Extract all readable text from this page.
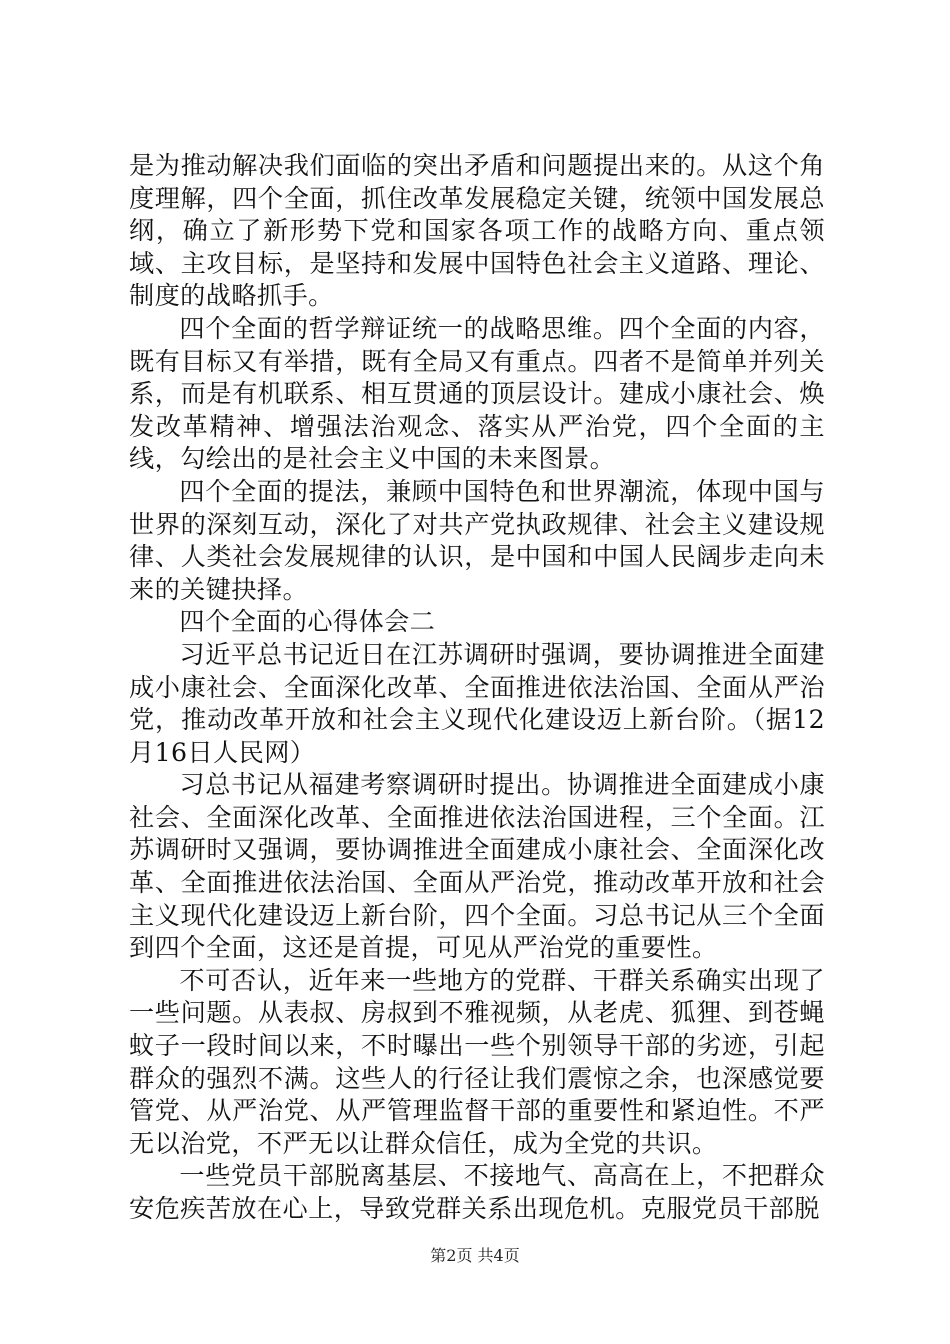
是为推动解决我们面临的突出矛盾和问题提出来的。从这个角度理解，四个全面，抓住改革发展稳定关键，统领中国发展总纲，确立了新形势下党和国家各项工作的战略方向、重点领域、主攻目标，是坚持和发展中国特色社会主义道路、理论、制度的战略抓手。

四个全面的哲学辩证统一的战略思维。四个全面的内容，既有目标又有举措，既有全局又有重点。四者不是简单并列关系，而是有机联系、相互贯通的顶层设计。建成小康社会、焕发改革精神、增强法治观念、落实从严治党，四个全面的主线，勾绘出的是社会主义中国的未来图景。

四个全面的提法，兼顾中国特色和世界潮流，体现中国与世界的深刻互动，深化了对共产党执政规律、社会主义建设规律、人类社会发展规律的认识，是中国和中国人民阔步走向未来的关键抉择。

四个全面的心得体会二

习近平总书记近日在江苏调研时强调，要协调推进全面建成小康社会、全面深化改革、全面推进依法治国、全面从严治党，推动改革开放和社会主义现代化建设迈上新台阶。（据12月16日人民网）

习总书记从福建考察调研时提出。协调推进全面建成小康社会、全面深化改革、全面推进依法治国进程，三个全面。江苏调研时又强调，要协调推进全面建成小康社会、全面深化改革、全面推进依法治国、全面从严治党，推动改革开放和社会主义现代化建设迈上新台阶，四个全面。习总书记从三个全面到四个全面，这还是首提，可见从严治党的重要性。

不可否认，近年来一些地方的党群、干群关系确实出现了一些问题。从表叔、房叔到不雅视频，从老虎、狐狸、到苍蝇蚊子一段时间以来，不时曝出一些个别领导干部的劣迹，引起群众的强烈不满。这些人的行径让我们震惊之余，也深感觉要管党、从严治党、从严管理监督干部的重要性和紧迫性。不严无以治党，不严无以让群众信任，成为全党的共识。

一些党员干部脱离基层、不接地气、高高在上，不把群众安危疾苦放在心上，导致党群关系出现危机。克服党员干部脱

第2页 共4页
